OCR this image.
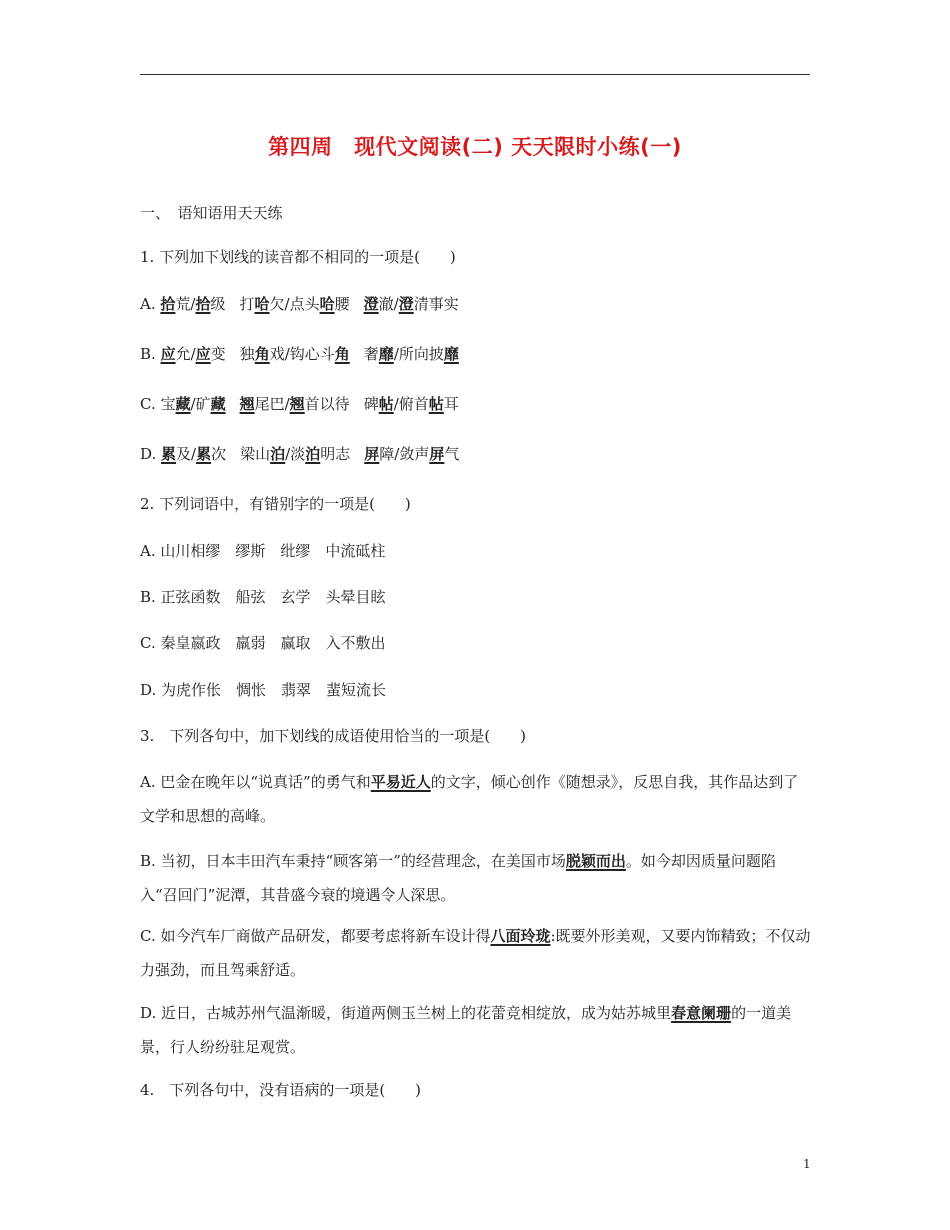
第四周　现代文阅读(二) 天天限时小练(一)
一、　语知语用天天练
1. 下列加下划线的读音都不相同的一项是(　　)
A. 拾荒/拾级 打哈欠/点头哈腰 澄澈/澄清事实
B. 应允/应变 独角戏/钩心斗角 奢靡/所向披靡
C. 宝藏/矿藏 翘尾巴/翘首以待 碑帖/俯首帖耳
D. 累及/累次 梁山泊/淡泊明志 屏障/敛声屏气
2. 下列词语中，有错别字的一项是(　　)
A. 山川相缪　缪斯　纰缪　中流砥柱
B. 正弦函数　船弦　玄学　头晕目眩
C. 秦皇嬴政　羸弱　赢取　入不敷出
D. 为虎作伥　惆怅　翡翠　蜚短流长
3.　下列各句中，加下划线的成语使用恰当的一项是(　　)
A. 巴金在晚年以“说真话”的勇气和平易近人的文字，倾心创作《随想录》，反思自我，其作品达到了文学和思想的高峰。
B. 当初，日本丰田汽车秉持“顾客第一”的经营理念，在美国市场脱颖而出。如今却因质量问题陷入“召回门”泥潭，其昔盛今衰的境遇令人深思。
C. 如今汽车厂商做产品研发，都要考虑将新车设计得八面玲珑:既要外形美观，又要内饰精致；不仅动力强劲，而且驾乘舒适。
D. 近日，古城苏州气温渐暖，街道两侧玉兰树上的花蕾竞相绽放，成为姑苏城里春意阑珊的一道美景，行人纷纷驻足观赏。
4.　下列各句中，没有语病的一项是(　　)
1
